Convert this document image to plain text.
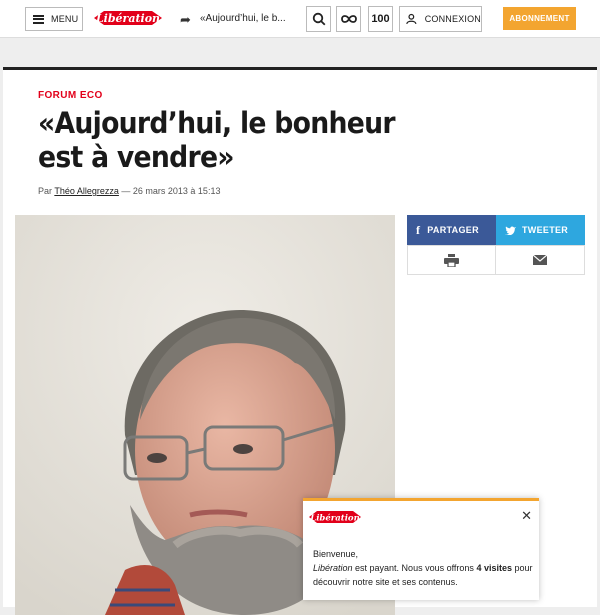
MENU Libération ➦ «Aujourd’hui, le b...	100	CONNEXION	ABONNEMENT
FORUM ECO
«Aujourd’hui, le bonheur est à vendre»
Par Théo Allegrezza — 26 mars 2013 à 15:13
f PARTAGER	TWEETER
Libération	✕
Bienvenue,
Libération est payant. Nous vous offrons 4 visites pour découvrir notre site et ses contenus.
